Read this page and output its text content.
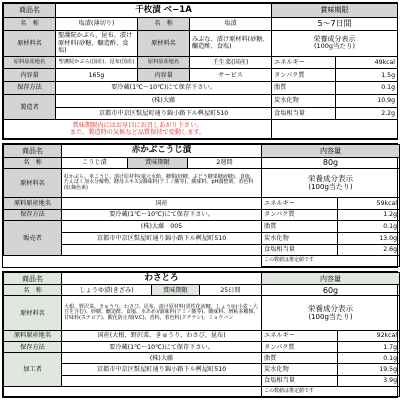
商品名	千枚漬 ベ−1A			賞味期限	
名　称	塩漬(薄切り)	名　称	塩漬	5〜7日間	
原材料名	聖護院かぶら、昆布、漬け原材料(砂糖、醸造酢、食塩)	原材料名	みぶな、漬け原材料(砂糖、醸造酢、食塩)	栄養成分表示
(100g当たり)	

原料原産地名	聖護院かぶら(国産)、昆布(国産)	原料原産地名	壬生菜(国産)	エネルギー	49kcal
内容量	165g	内容量	サービス	タンパク質	1.5g
保存方法	要冷蔵(1℃〜10℃)にて保存下さい。			脂質	0.1g
製造者	(株)大藤			炭水化物	10.9g
	京都市中京区麩屋町通り錦小路下ル桝屋町510			食塩相当量	2.2g

賞味期限内にはお早目にお召しあがり下さい。
また、製造時の気候など品質保持で変動します。					

商品名	赤かぶこうじ漬			内容量	
名　称	こうじ漬	賞味期限	2週間	80g	
原材料名	紅かぶら、米こうじ、漬け原材料(還元水飴、糖類(砂糖、ぶどう糖果糖液糖)、食塩、たんぱく加水分解物、酵母エキス)/調味料(アミノ酸等)、酸味料、pH調整剤、着色料(紅麹色素)			栄養成分表示
(100g当たり)	

原料原産地名	国産			エネルギー	59kcal
保存方法	要冷蔵(1℃〜10℃)にて保存下さい。			タンパク質	1.2g
販売者	(株)大藤 005			脂質	0.1g
	京都市中京区麩屋町通り錦小路下ル桝屋町510			炭水化物	13.0g
				食塩相当量	2.6g
				この数値は推定値です	
商品名	わさとろ			内容量	
名　称	しょうゆ漬(きざみ)	賞味期限	25日間	60g	
原材料名	大根、野沢菜、きゅうり、わさび、昆布、漬け原材料(異性化液糖、しょうゆ(小麦・大豆を含む)、砂糖、醸造酢、食塩、水あめ)/調味料(アミノ酸等)、酸味料、増粘多糖類、甘味料(ステビア)、酸化防止剤(V.C)、香料、着色料(クチナシ)、ミョウバン			栄養成分表示
(100g当たり)	

原料原産地名	国産(大根、野沢菜、きゅうり、わさび、昆布)			エネルギー	92kcal
保存方法	要冷蔵(1℃〜10℃)にて保存下さい。			タンパク質	1.7g
加工者	(株)大藤			脂質	0.1g
	京都市中京区麩屋町通り錦小路下ル桝屋町510			炭水化物	19.5g
				食塩相当量	3.9g
				この数値は推定値です	
